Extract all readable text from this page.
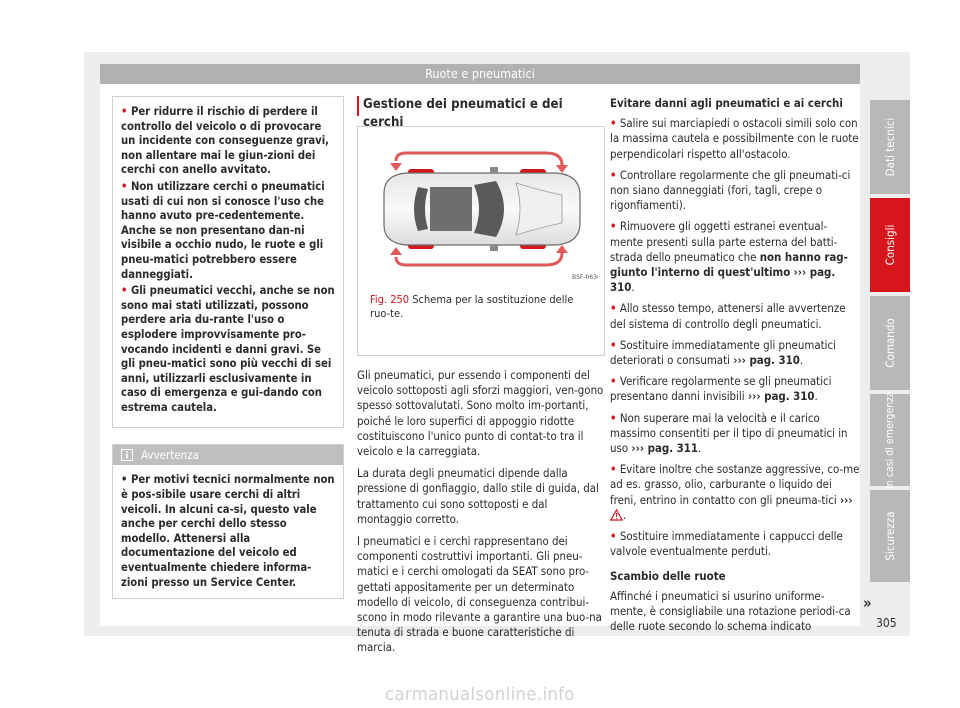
Ruote e pneumatici

• Per ridurre il rischio di perdere il controllo del veicolo o di provocare un incidente con conseguenze gravi, non allentare mai le giun-zioni dei cerchi con anello avvitato.

• Non utilizzare cerchi o pneumatici usati di cui non si conosce l'uso che hanno avuto pre-cedentemente. Anche se non presentano dan-ni visibile a occhio nudo, le ruote e gli pneu-matici potrebbero essere danneggiati.

• Gli pneumatici vecchi, anche se non sono mai stati utilizzati, possono perdere aria du-rante l'uso o esplodere improvvisamente pro-vocando incidenti e danni gravi. Se gli pneu-matici sono più vecchi di sei anni, utilizzarli esclusivamente in caso di emergenza e gui-dando con estrema cautela.

Avvertenza
• Per motivi tecnici normalmente non è pos-sibile usare cerchi di altri veicoli. In alcuni ca-si, questo vale anche per cerchi dello stesso modello. Attenersi alla documentazione del veicolo ed eventualmente chiedere informa-zioni presso un Service Center.
Gestione dei pneumatici e dei cerchi
B5F-0636
Fig. 250 Schema per la sostituzione delle ruo-te.

Gli pneumatici, pur essendo i componenti del veicolo sottoposti agli sforzi maggiori, ven-gono spesso sottovalutati. Sono molto im-portanti, poiché le loro superfici di appoggio ridotte costituiscono l'unico punto di contat-to tra il veicolo e la carreggiata.

La durata degli pneumatici dipende dalla pressione di gonfiaggio, dallo stile di guida, dal trattamento cui sono sottoposti e dal montaggio corretto.

I pneumatici e i cerchi rappresentano dei componenti costruttivi importanti. Gli pneu-matici e i cerchi omologati da SEAT sono pro-gettati appositamente per un determinato modello di veicolo, di conseguenza contribui-scono in modo rilevante a garantire una buo-na tenuta di strada e buone caratteristiche di marcia.

Evitare danni agli pneumatici e ai cerchi

• Salire sui marciapiedi o ostacoli simili solo con la massima cautela e possibilmente con le ruote perpendicolari rispetto all'ostacolo.

• Controllare regolarmente che gli pneumati-ci non siano danneggiati (fori, tagli, crepe o rigonfiamenti).

• Rimuovere gli oggetti estranei eventual-mente presenti sulla parte esterna del batti-strada dello pneumatico che non hanno rag-giunto l'interno di quest'ultimo ››› pag. 310.

• Allo stesso tempo, attenersi alle avvertenze del sistema di controllo degli pneumatici.

• Sostituire immediatamente gli pneumatici deteriorati o consumati ››› pag. 310.

• Verificare regolarmente se gli pneumatici presentano danni invisibili ››› pag. 310.

• Non superare mai la velocità e il carico massimo consentiti per il tipo di pneumatici in uso ››› pag. 311.

• Evitare inoltre che sostanze aggressive, co-me ad es. grasso, olio, carburante o liquido dei freni, entrino in contatto con gli pneuma-tici ››› .

• Sostituire immediatamente i cappucci delle valvole eventualmente perduti.

Scambio delle ruote

Affinché i pneumatici si usurino uniforme-mente, è consigliabile una rotazione periodi-ca delle ruote secondo lo schema indicato

»
Dati tecnici
Consigli
Comando
In casi di emergenza
Sicurezza
305
carmanualsonline.info
